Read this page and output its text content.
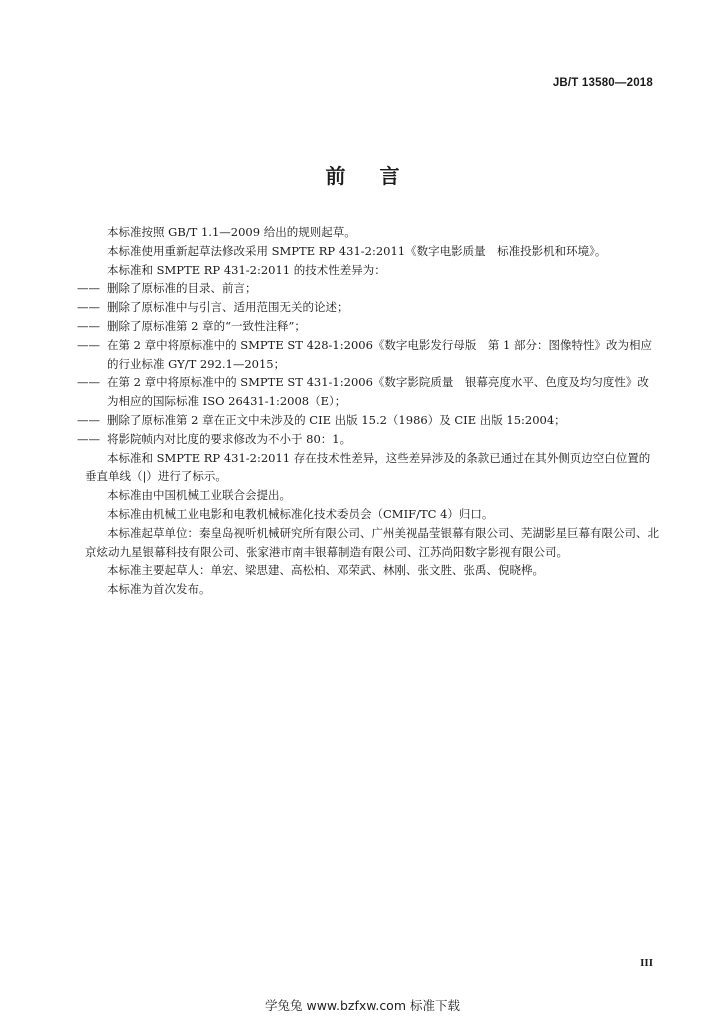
JB/T 13580—2018
前言

本标准按照 GB/T 1.1—2009 给出的规则起草。

本标准使用重新起草法修改采用 SMPTE RP 431-2:2011《数字电影质量　标准投影机和环境》。

本标准和 SMPTE RP 431-2:2011 的技术性差异为：

—— 删除了原标准的目录、前言；

—— 删除了原标准中与引言、适用范围无关的论述；

—— 删除了原标准第 2 章的“一致性注释”；

—— 在第 2 章中将原标准中的 SMPTE ST 428-1:2006《数字电影发行母版　第 1 部分：图像特性》改为相应的行业标准 GY/T 292.1—2015；

—— 在第 2 章中将原标准中的 SMPTE ST 431-1:2006《数字影院质量　银幕亮度水平、色度及均匀度性》改为相应的国际标准 ISO 26431-1:2008（E）；

—— 删除了原标准第 2 章在正文中未涉及的 CIE 出版 15.2（1986）及 CIE 出版 15:2004；

—— 将影院帧内对比度的要求修改为不小于 80：1。

本标准和 SMPTE RP 431-2:2011 存在技术性差异，这些差异涉及的条款已通过在其外侧页边空白位置的垂直单线（|）进行了标示。

本标准由中国机械工业联合会提出。

本标准由机械工业电影和电教机械标准化技术委员会（CMIF/TC 4）归口。

本标准起草单位：秦皇岛视听机械研究所有限公司、广州美视晶莹银幕有限公司、芜湖影星巨幕有限公司、北京炫动九星银幕科技有限公司、张家港市南丰银幕制造有限公司、江苏尚阳数字影视有限公司。

本标准主要起草人：单宏、梁思建、高松柏、邓荣武、林刚、张文胜、张禹、倪晓桦。

本标准为首次发布。

III
学兔兔 www.bzfxw.com 标准下载
